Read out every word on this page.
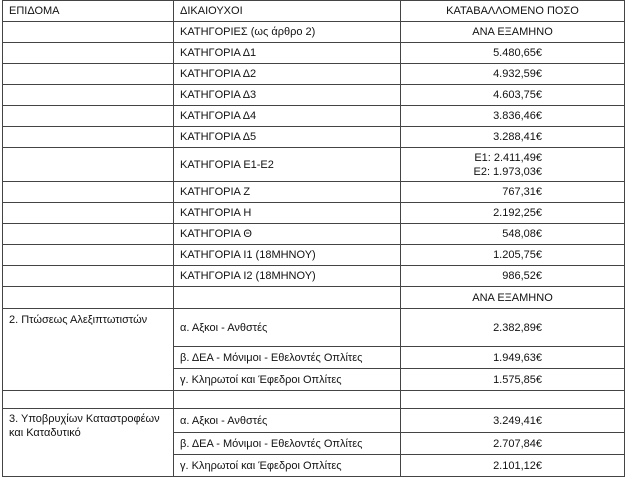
ΕΠΙΔΟΜΑ	ΔΙΚΑΙΟΥΧΟΙ	ΚΑΤΑΒΑΛΛΟΜΕΝΟ ΠΟΣΟ
	ΚΑΤΗΓΟΡΙΕΣ (ως άρθρο 2)	ΑΝΑ ΕΞΑΜΗΝΟ
	ΚΑΤΗΓΟΡΙΑ Δ1	5.480,65€
	ΚΑΤΗΓΟΡΙΑ Δ2	4.932,59€
	ΚΑΤΗΓΟΡΙΑ Δ3	4.603,75€
	ΚΑΤΗΓΟΡΙΑ Δ4	3.836,46€
	ΚΑΤΗΓΟΡΙΑ Δ5	3.288,41€
	ΚΑΤΗΓΟΡΙΑ Ε1-Ε2	Ε1: 2.411,49€
Ε2: 1.973,03€

	ΚΑΤΗΓΟΡΙΑ Ζ	767,31€
	ΚΑΤΗΓΟΡΙΑ Η	2.192,25€
	ΚΑΤΗΓΟΡΙΑ Θ	548,08€
	ΚΑΤΗΓΟΡΙΑ Ι1 (18ΜΗΝΟΥ)	1.205,75€
	ΚΑΤΗΓΟΡΙΑ Ι2 (18ΜΗΝΟΥ)	986,52€
		ΑΝΑ ΕΞΑΜΗΝΟ
2. Πτώσεως Αλεξιπτωτιστών	α. Αξκοι - Ανθστές	2.382,89€
	β. ΔΕΑ - Μόνιμοι - Εθελοντές Οπλίτες	1.949,63€
	γ. Κληρωτοί και Έφεδροι Οπλίτες	1.575,85€

3. Υποβρυχίων Καταστροφέων και Καταδυτικό	α. Αξκοι - Ανθστές	3.249,41€
	β. ΔΕΑ - Μόνιμοι - Εθελοντές Οπλίτες	2.707,84€
	γ. Κληρωτοί και Έφεδροι Οπλίτες	2.101,12€
